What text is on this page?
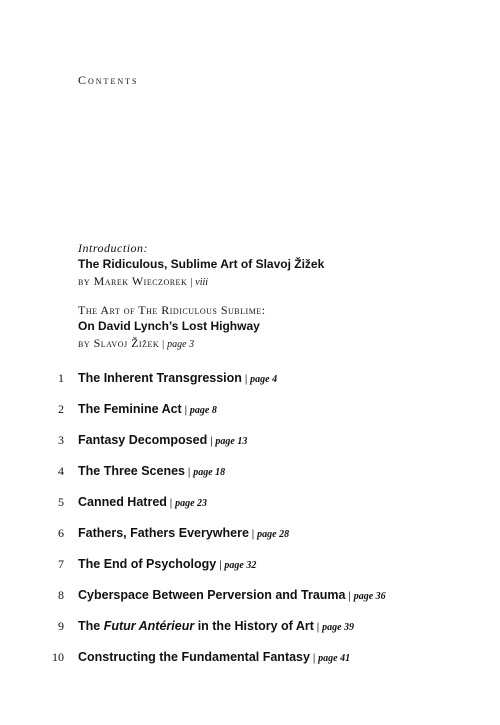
Contents
Introduction:
The Ridiculous, Sublime Art of Slavoj Žižek
by Marek Wieczorek | viii
The Art of The Ridiculous Sublime:
On David Lynch’s Lost Highway
by Slavoj Žižek | page 3
1 The Inherent Transgression | page 4
2 The Feminine Act | page 8
3 Fantasy Decomposed | page 13
4 The Three Scenes | page 18
5 Canned Hatred | page 23
6 Fathers, Fathers Everywhere | page 28
7 The End of Psychology | page 32
8 Cyberspace Between Perversion and Trauma | page 36
9 The Futur Antérieur in the History of Art | page 39
10 Constructing the Fundamental Fantasy | page 41
